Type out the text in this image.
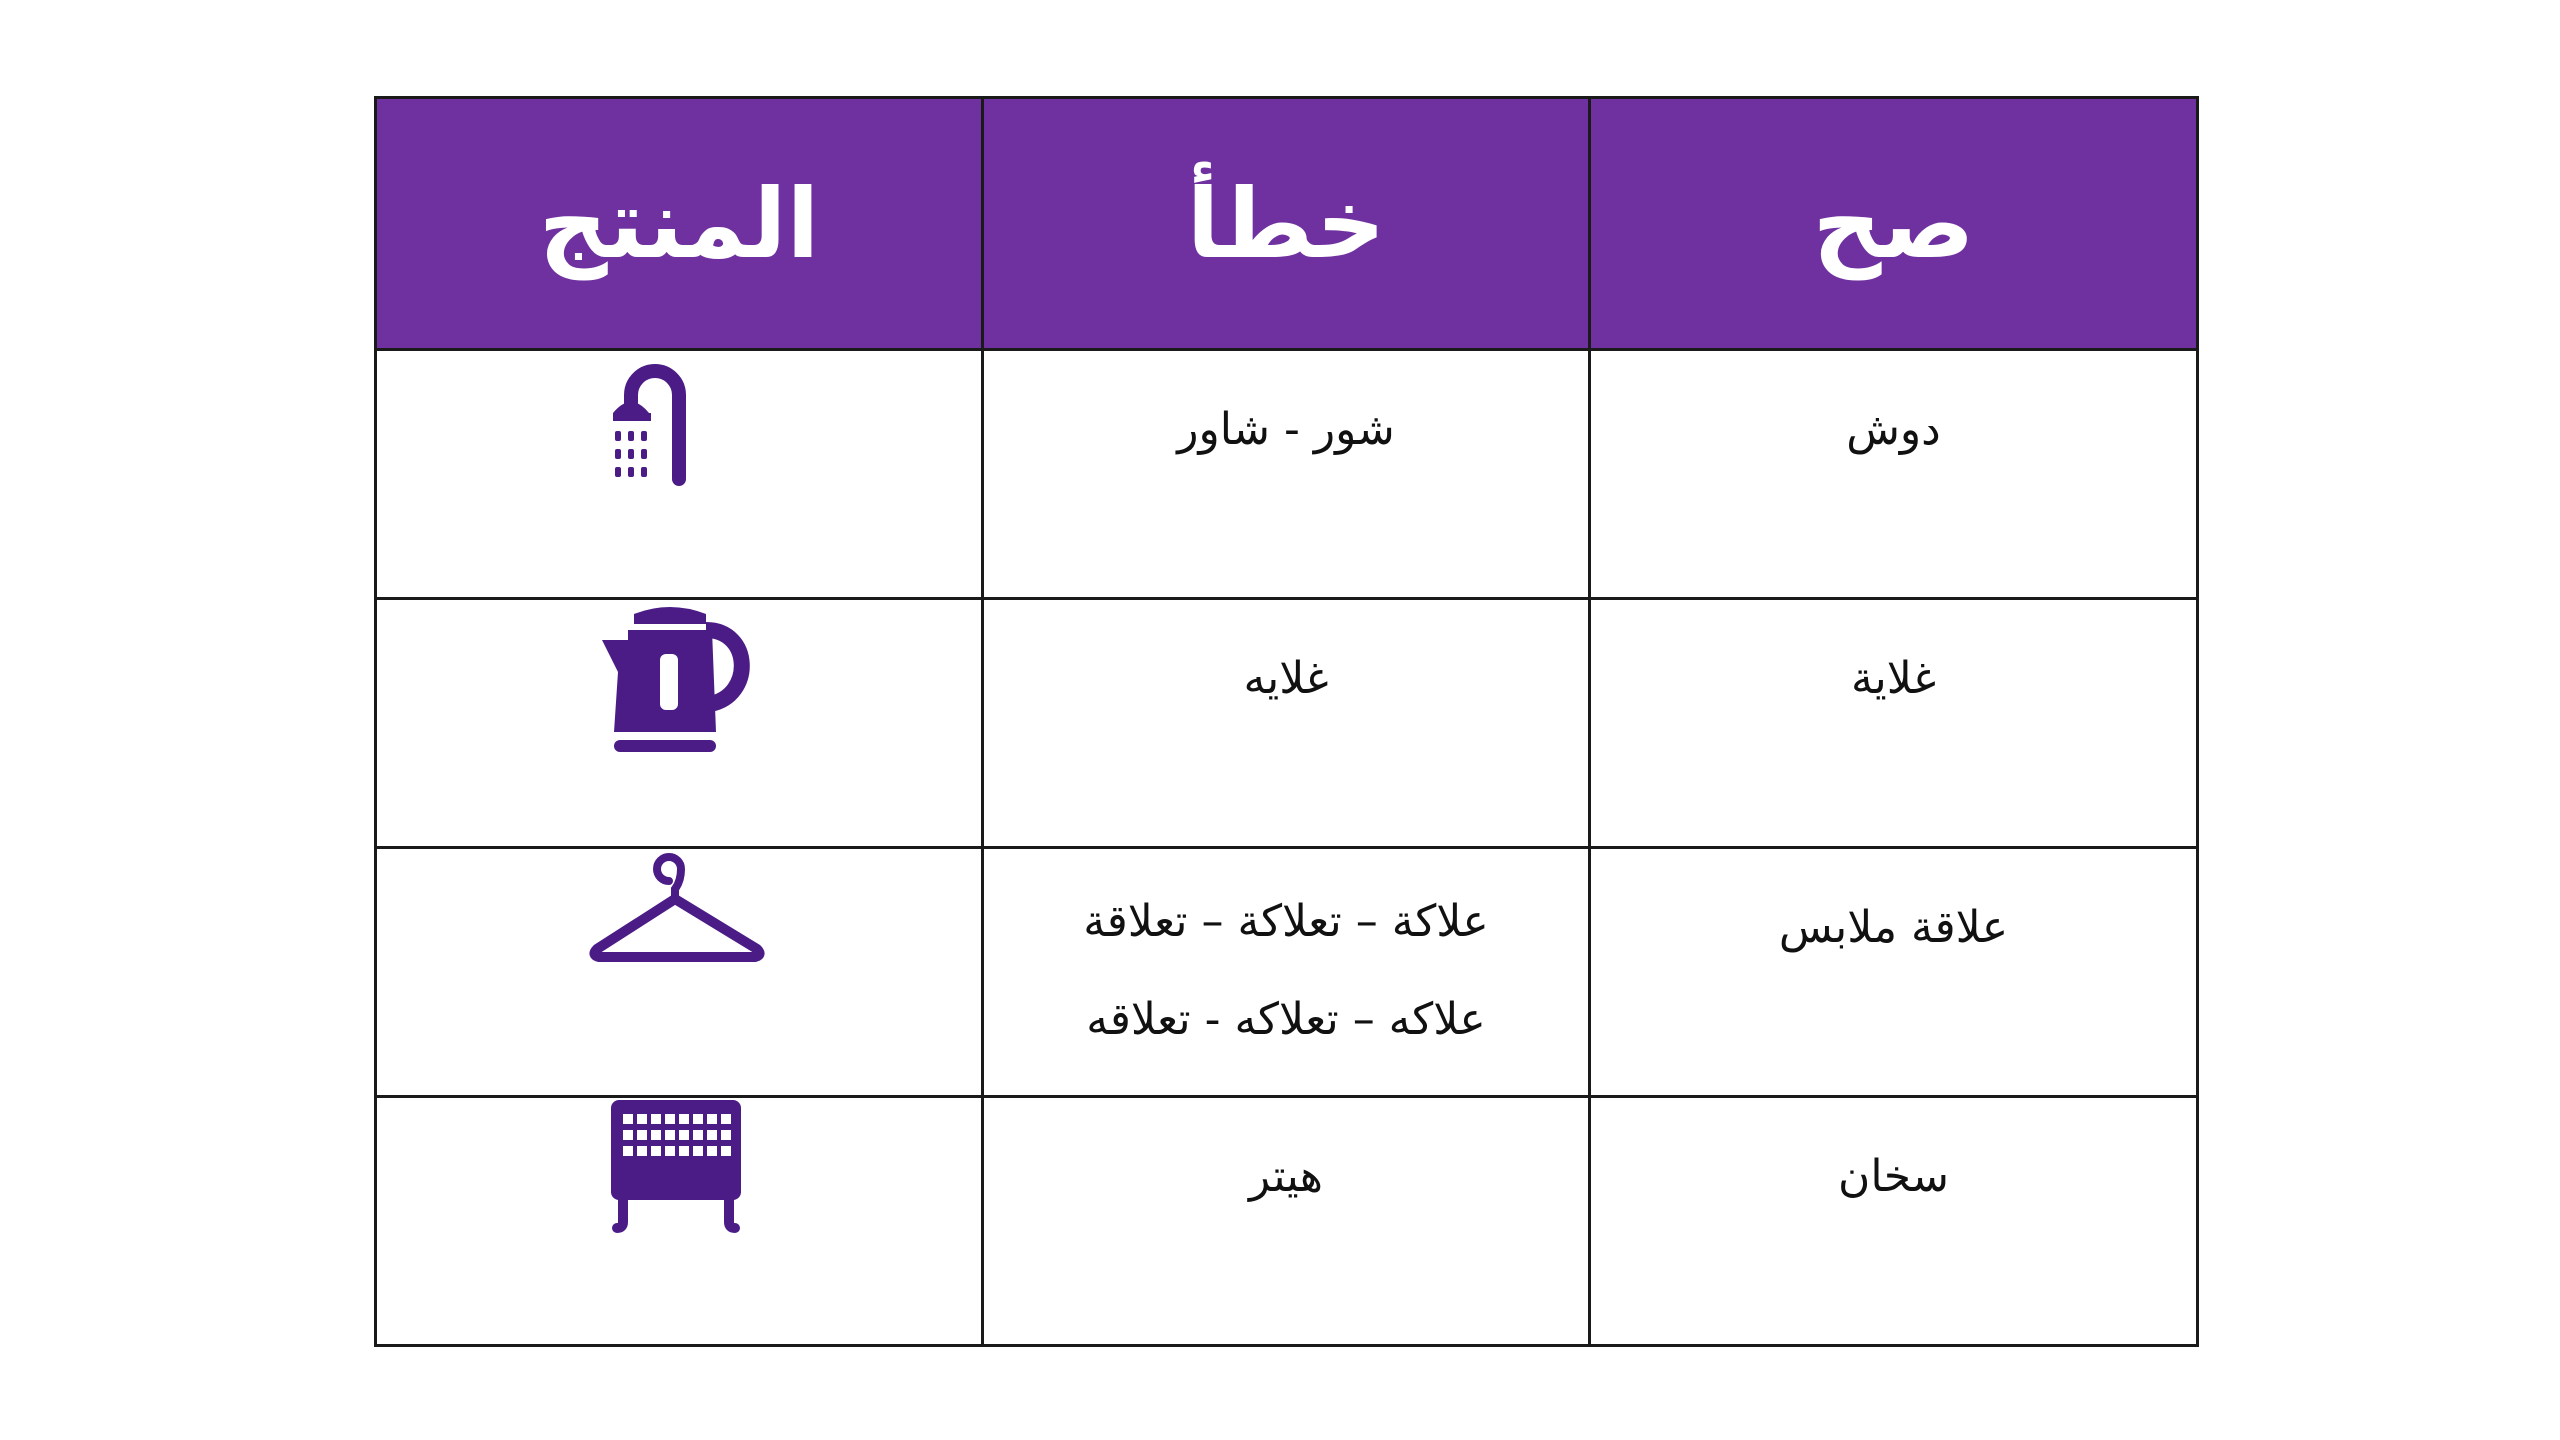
المنتج	خطأ	صح

شور - شاور	دوش

غلايه	غلاية

علاكة – تعلاكة – تعلاقة
علاكه – تعلاكه - تعلاقه	علاقة ملابس

هيتر	سخان
